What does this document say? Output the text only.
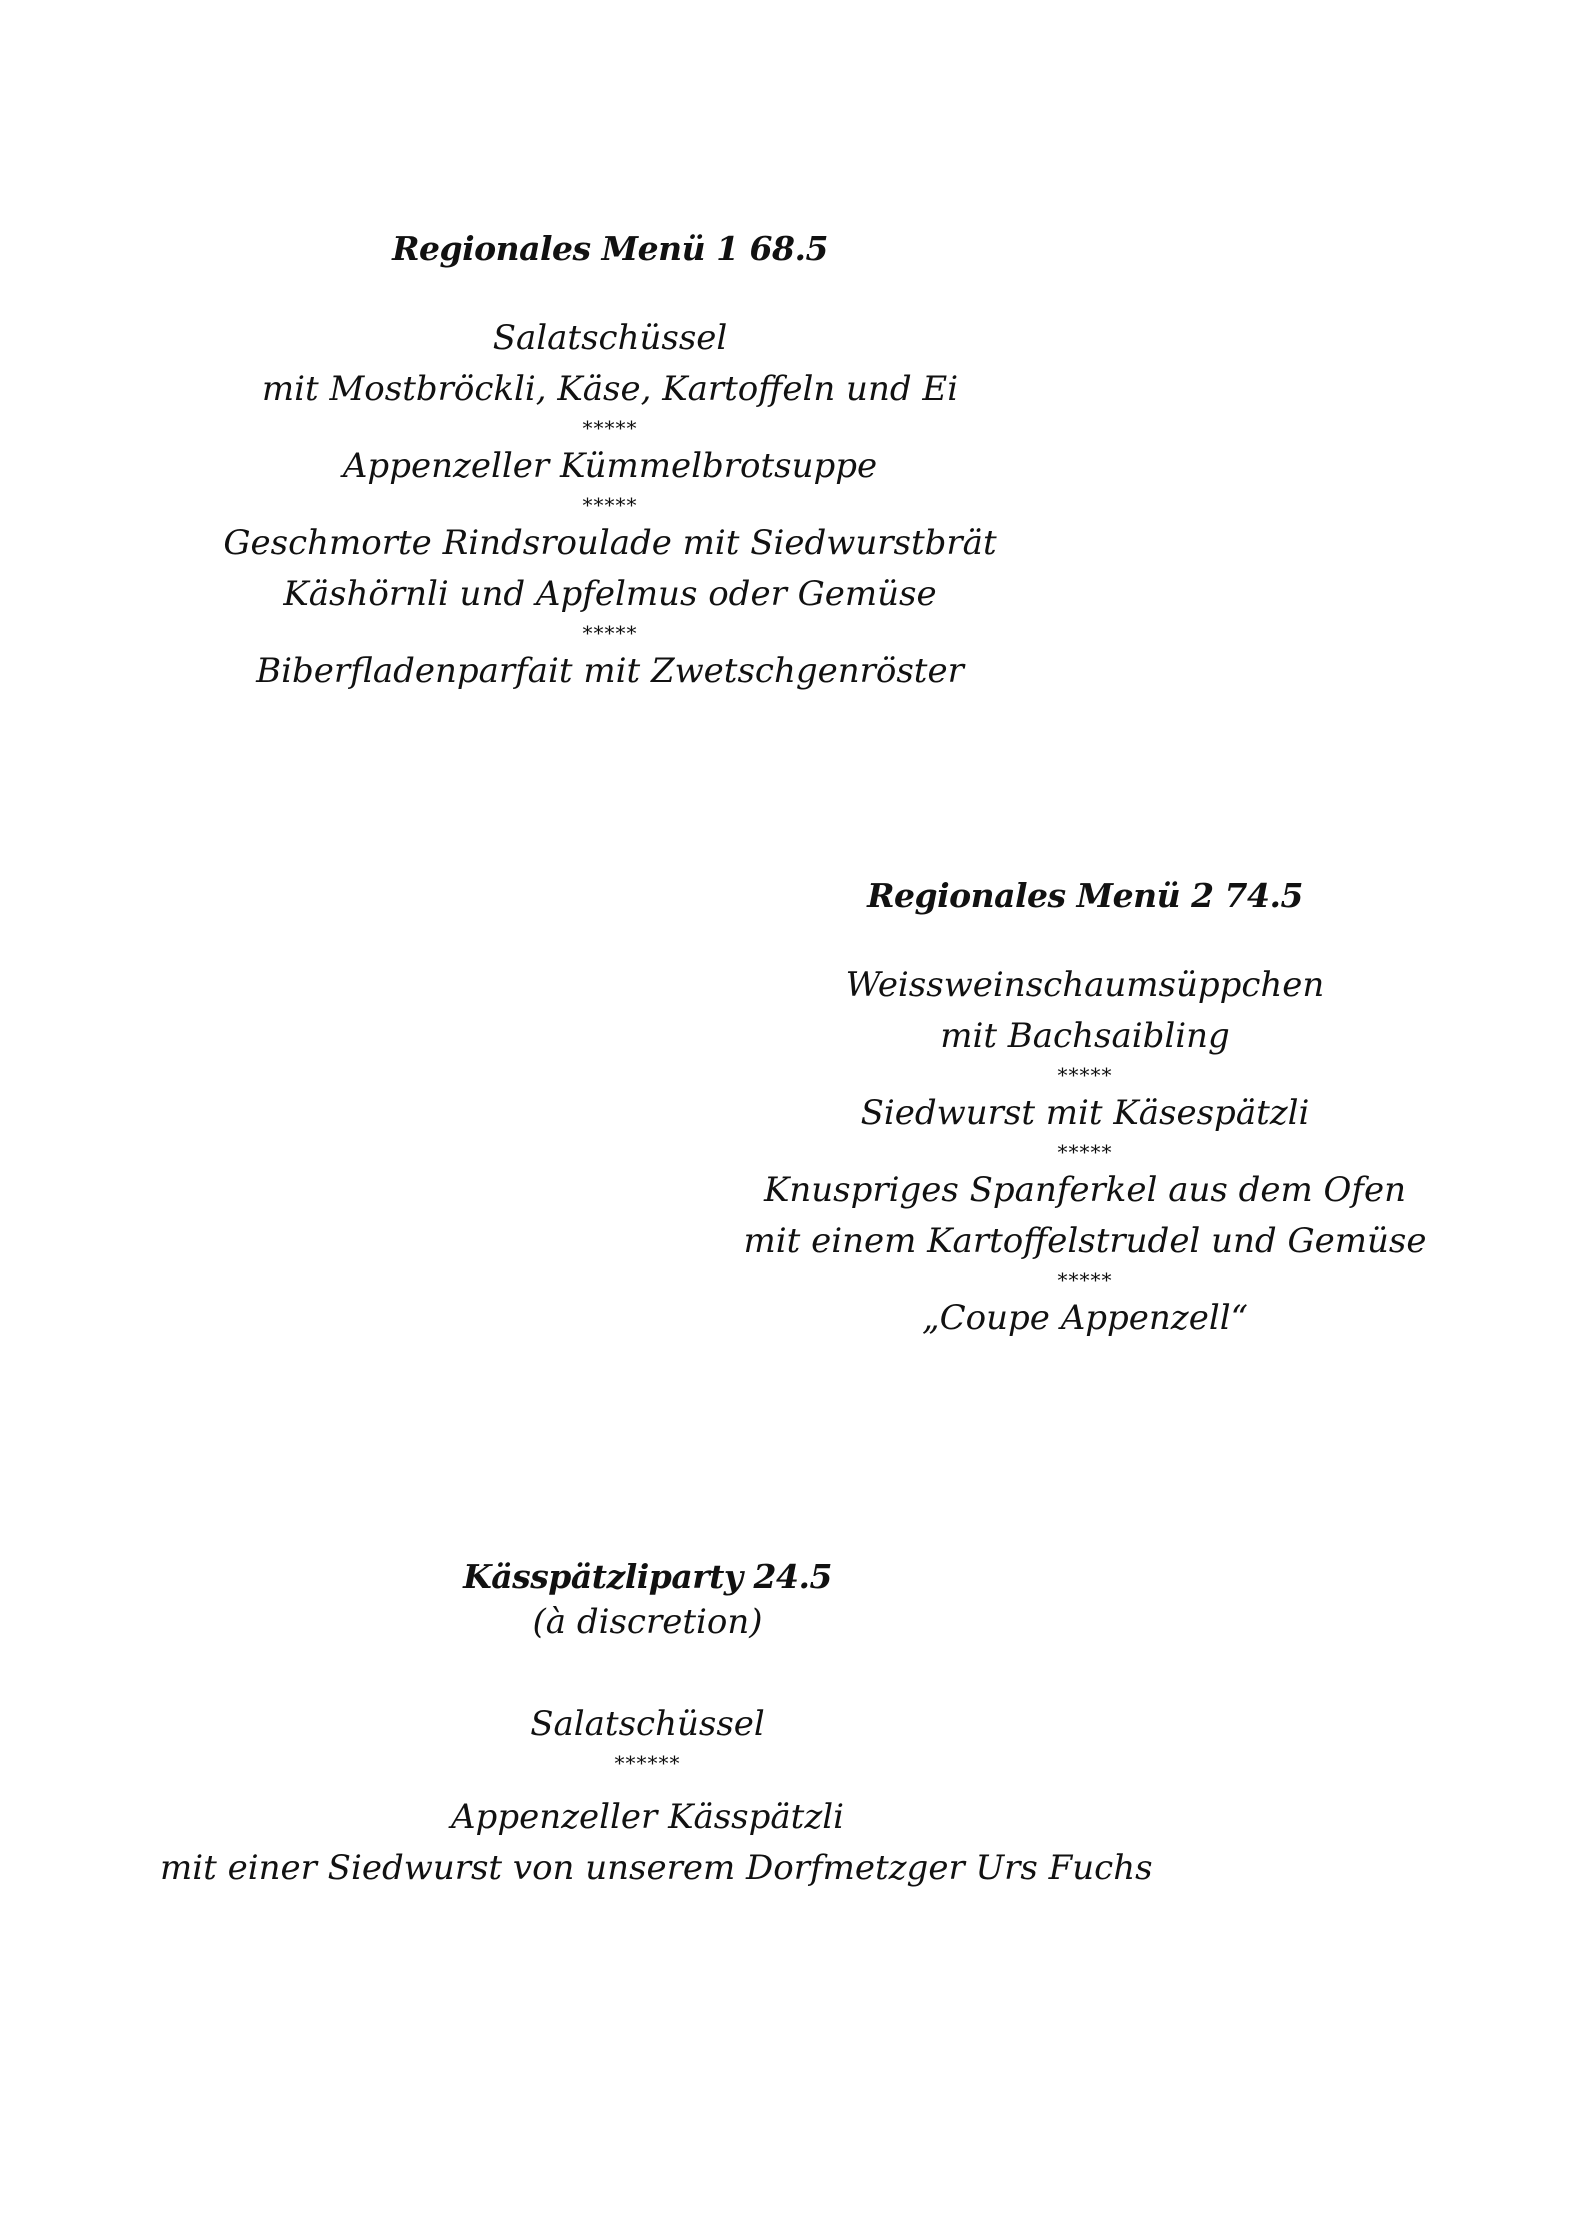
Regionales Menü 1 68.5
Salatschüssel
mit Mostbröckli, Käse, Kartoffeln und Ei
*****
Appenzeller Kümmelbrotsuppe
*****
Geschmorte Rindsroulade mit Siedwurstbrät
Käshörnli und Apfelmus oder Gemüse
*****
Biberfladenparfait mit Zwetschgenröster
Regionales Menü 2 74.5
Weissweinschaumsüppchen
mit Bachsaibling
*****
Siedwurst mit Käsespätzli
*****
Knuspriges Spanferkel aus dem Ofen
mit einem Kartoffelstrudel und Gemüse
*****
„Coupe Appenzell“
Kässpätzliparty 24.5
(à discretion)
Salatschüssel
******
Appenzeller Kässpätzli
mit einer Siedwurst von unserem Dorfmetzger Urs Fuchs
